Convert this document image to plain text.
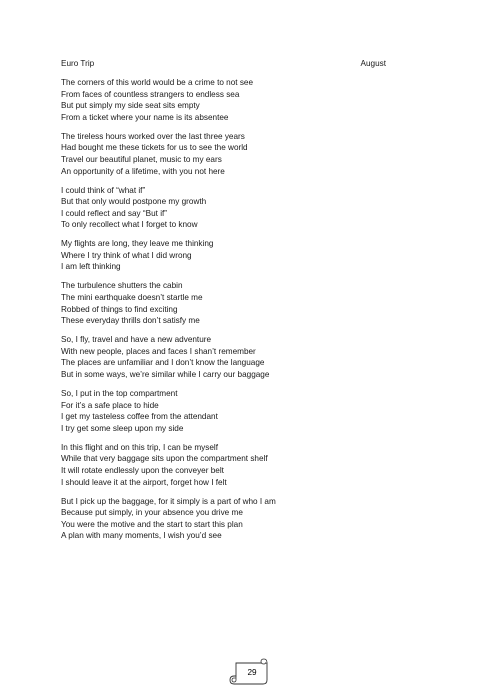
Euro Trip	August
The corners of this world would be a crime to not see
From faces of countless strangers to endless sea
But put simply my side seat sits empty
From a ticket where your name is its absentee
The tireless hours worked over the last three years
Had bought me these tickets for us to see the world
Travel our beautiful planet, music to my ears
An opportunity of a lifetime, with you not here
I could think of “what if”
But that only would postpone my growth
I could reflect and say “But if”
To only recollect what I forget to know
My flights are long, they leave me thinking
Where I try think of what I did wrong
I am left thinking
The turbulence shutters the cabin
The mini earthquake doesn’t startle me
Robbed of things to find exciting
These everyday thrills don’t satisfy me
So, I fly, travel and have a new adventure
With new people, places and faces I shan’t remember
The places are unfamiliar and I don’t know the language
But in some ways, we’re similar while I carry our baggage
So, I put in the top compartment
For it’s a safe place to hide
I get my tasteless coffee from the attendant
I try get some sleep upon my side
In this flight and on this trip, I can be myself
While that very baggage sits upon the compartment shelf
It will rotate endlessly upon the conveyer belt
I should leave it at the airport, forget how I felt
But I pick up the baggage, for it simply is a part of who I am
Because put simply, in your absence you drive me
You were the motive and the start to start this plan
A plan with many moments, I wish you’d see
29
